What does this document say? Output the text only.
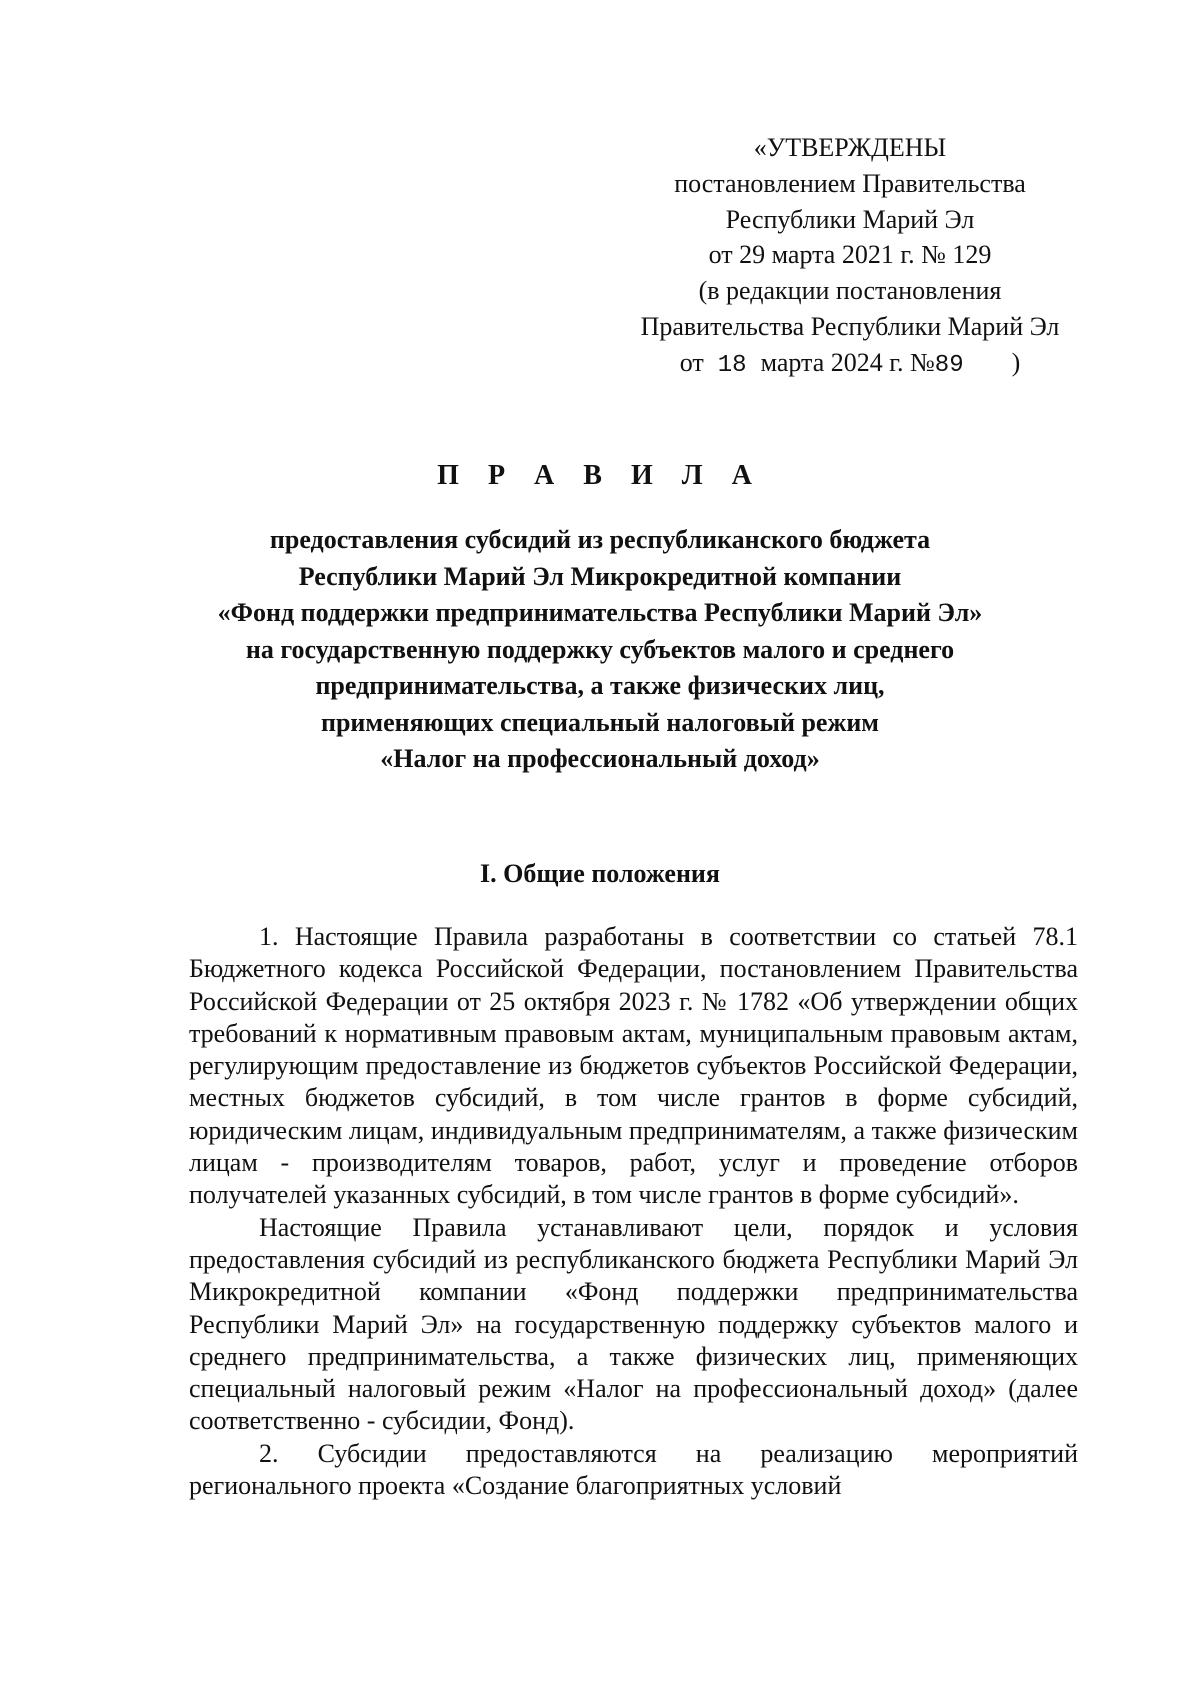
«УТВЕРЖДЕНЫ
постановлением Правительства
Республики Марий Эл
от 29 марта 2021 г. № 129
(в редакции постановления
Правительства Республики Марий Эл
от 18 марта 2024 г. №89 )
П Р А В И Л А
предоставления субсидий из республиканского бюджета
Республики Марий Эл Микрокредитной компании
«Фонд поддержки предпринимательства Республики Марий Эл»
на государственную поддержку субъектов малого и среднего
предпринимательства, а также физических лиц,
применяющих специальный налоговый режим
«Налог на профессиональный доход»
I. Общие положения

1. Настоящие Правила разработаны в соответствии со статьей 78.1 Бюджетного кодекса Российской Федерации, постановлением Правительства Российской Федерации от 25 октября 2023 г. № 1782 «Об утверждении общих требований к нормативным правовым актам, муниципальным правовым актам, регулирующим предоставление из бюджетов субъектов Российской Федерации, местных бюджетов субсидий, в том числе грантов в форме субсидий, юридическим лицам, индивидуальным предпринимателям, а также физическим лицам - производителям товаров, работ, услуг и проведение отборов получателей указанных субсидий, в том числе грантов в форме субсидий».

Настоящие Правила устанавливают цели, порядок и условия предоставления субсидий из республиканского бюджета Республики Марий Эл Микрокредитной компании «Фонд поддержки предпринимательства Республики Марий Эл» на государственную поддержку субъектов малого и среднего предпринимательства, а также физических лиц, применяющих специальный налоговый режим «Налог на профессиональный доход» (далее соответственно - субсидии, Фонд).

2. Субсидии предоставляются на реализацию мероприятий регионального проекта «Создание благоприятных условий
